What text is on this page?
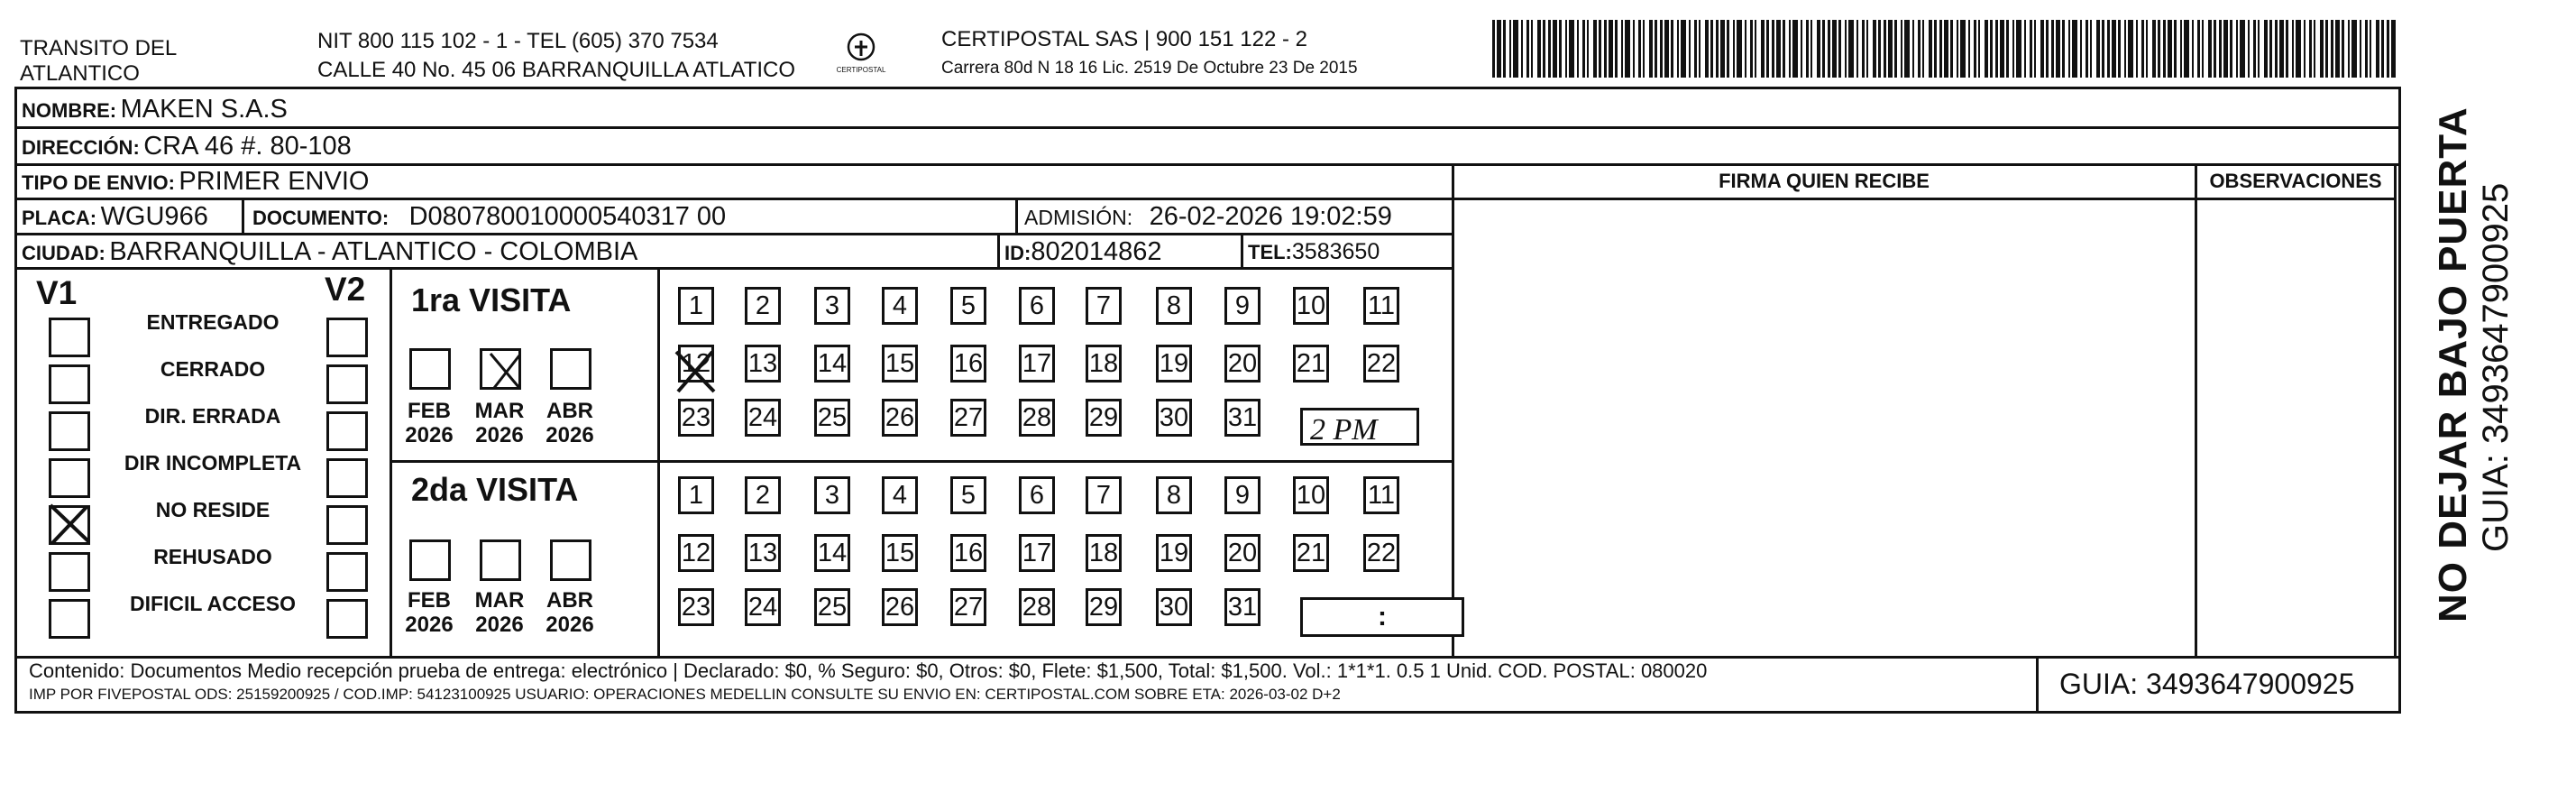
TRANSITO DEL
ATLANTICO
NIT 800 115 102 - 1 - TEL (605) 370 7534
CALLE 40 No. 45 06 BARRANQUILLA ATLATICO	CERTIPOSTAL
CERTIPOSTAL SAS | 900 151 122 - 2
Carrera 80d N 18 16 Lic. 2519 De Octubre 23 De 2015
NOMBRE: MAKEN S.A.S
DIRECCIÓN: CRA 46 #. 80-108
TIPO DE ENVIO: PRIMER ENVIO	FIRMA QUIEN RECIBE	OBSERVACIONES
PLACA: WGU966 DOCUMENTO: D080780010000540317 00	ADMISIÓN: 26-02-2026 19:02:59
CIUDAD: BARRANQUILLA - ATLANTICO - COLOMBIA	ID:802014862	TEL:3583650
V1	V2
ENTREGADO
CERRADO
DIR. ERRADA
DIR INCOMPLETA
NO RESIDE
REHUSADO
DIFICIL ACCESO
1ra VISITA
FEB
2026
MAR
2026
ABR
2026
1	2	3	4	5	6	7	8	9	10 11
12 13 14 15 16 17 18 19 20 21 22
23 24 25 26 27 28 29 30 31 2 PM
2da VISITA
FEB
2026
MAR
2026
ABR
2026
1	2	3	4	5	6	7	8	9	10 11
12 13 14 15 16 17 18 19 20 21 22
23 24 25 26 27 28 29 30 31	:
Contenido: Documentos Medio recepción prueba de entrega: electrónico | Declarado: $0, % Seguro: $0, Otros: $0, Flete: $1,500, Total: $1,500. Vol.: 1*1*1. 0.5 1 Unid. COD. POSTAL: 080020
IMP POR FIVEPOSTAL ODS: 25159200925 / COD.IMP: 54123100925 USUARIO: OPERACIONES MEDELLIN CONSULTE SU ENVIO EN: CERTIPOSTAL.COM SOBRE ETA: 2026-03-02 D+2	GUIA: 3493647900925
NO DEJAR BAJO PUERTA GUIA: 3493647900925
